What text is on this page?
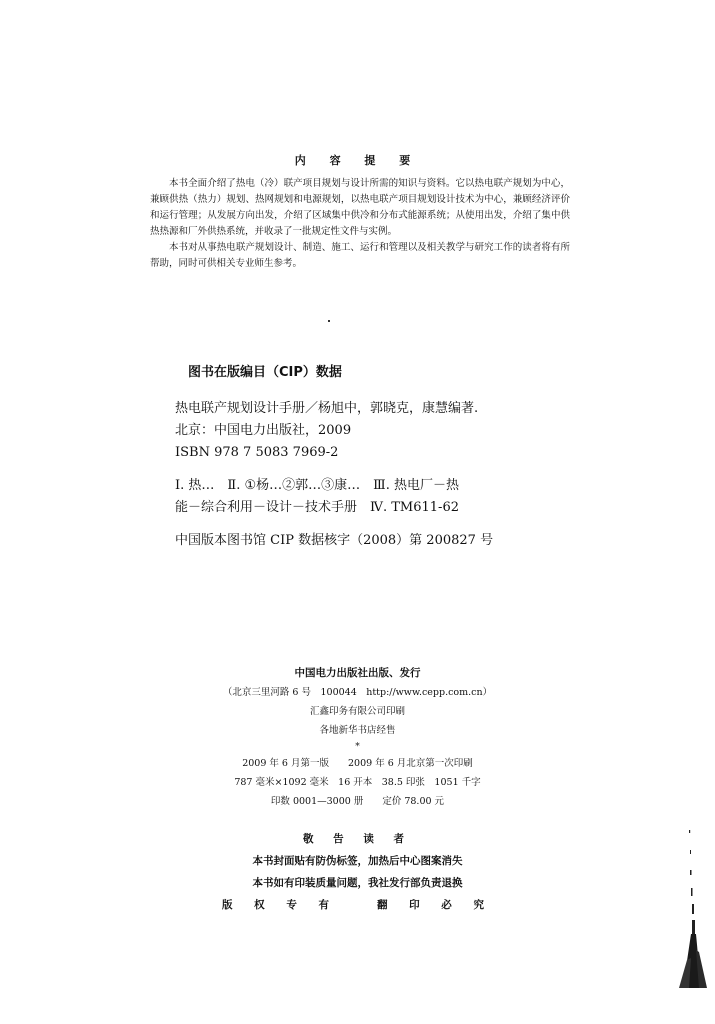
内 容 提 要

本书全面介绍了热电（冷）联产项目规划与设计所需的知识与资料。它以热电联产规划为中心，兼顾供热（热力）规划、热网规划和电源规划，以热电联产项目规划设计技术为中心，兼顾经济评价和运行管理；从发展方向出发，介绍了区域集中供冷和分布式能源系统；从使用出发，介绍了集中供热热源和厂外供热系统，并收录了一批规定性文件与实例。

本书对从事热电联产规划设计、制造、施工、运行和管理以及相关教学与研究工作的读者将有所帮助，同时可供相关专业师生参考。

图书在版编目（CIP）数据
热电联产规划设计手册／杨旭中，郭晓克，康慧编著.
北京：中国电力出版社，2009
ISBN 978 7 5083 7969-2
Ⅰ. 热…　Ⅱ. ①杨…②郭…③康…　Ⅲ. 热电厂－热
能－综合利用－设计－技术手册　Ⅳ. TM611-62
中国版本图书馆 CIP 数据核字（2008）第 200827 号
中国电力出版社出版、发行
（北京三里河路 6 号　100044　http://www.cepp.com.cn）
汇鑫印务有限公司印刷
各地新华书店经售
*
2009 年 6 月第一版　　2009 年 6 月北京第一次印刷
787 毫米×1092 毫米　16 开本　38.5 印张　1051 千字
印数 0001—3000 册　　定价 78.00 元
敬 告 读 者
本书封面贴有防伪标签，加热后中心图案消失
本书如有印装质量问题，我社发行部负责退换
版 权 专 有　　翻 印 必 究
